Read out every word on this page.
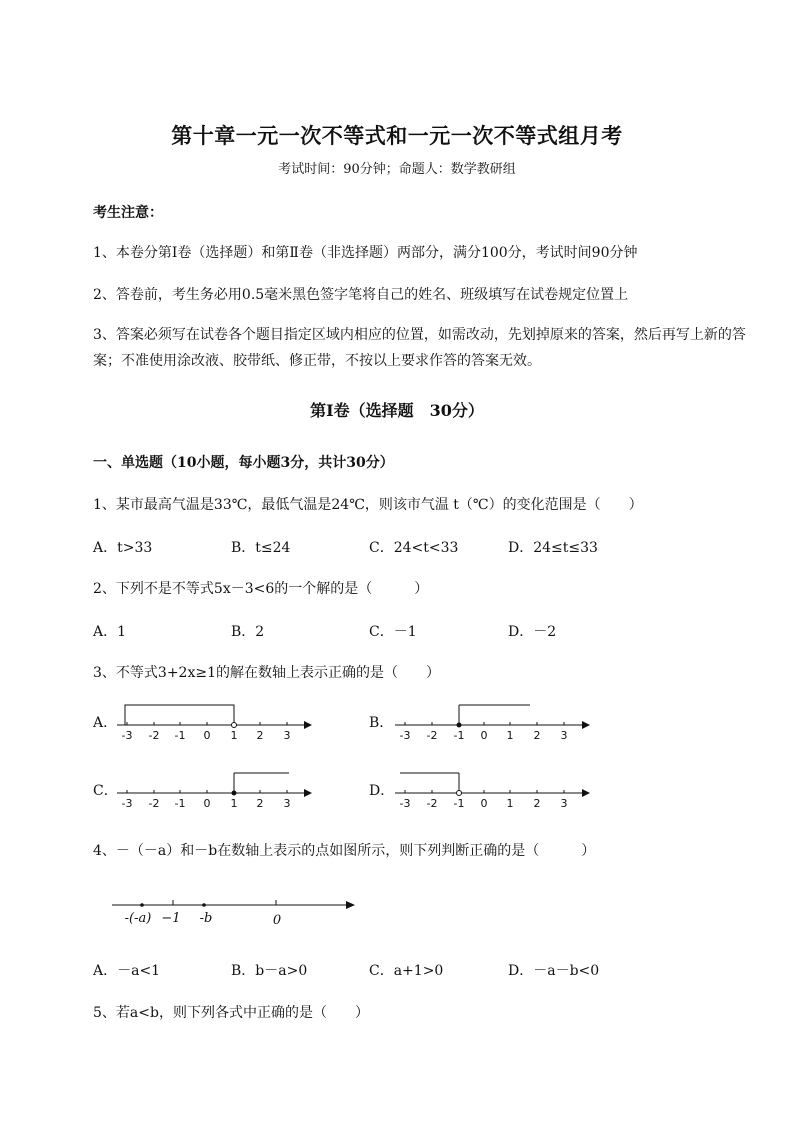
第十章一元一次不等式和一元一次不等式组月考
考试时间：90分钟；命题人：数学教研组
考生注意：
1、本卷分第I卷（选择题）和第Ⅱ卷（非选择题）两部分，满分100分，考试时间90分钟
2、答卷前，考生务必用0.5毫米黑色签字笔将自己的姓名、班级填写在试卷规定位置上
3、答案必须写在试卷各个题目指定区域内相应的位置，如需改动，先划掉原来的答案，然后再写上新的答案；不准使用涂改液、胶带纸、修正带，不按以上要求作答的答案无效。
第I卷（选择题　30分）
一、单选题（10小题，每小题3分，共计30分）
1、某市最高气温是33℃，最低气温是24℃，则该市气温 t（℃）的变化范围是（　　）
A．t>33	B．t≤24	C．24<t<33	D．24≤t≤33
2、下列不是不等式5x－3<6的一个解的是（　　　）
A．1	B．2	C．－1	D．－2
3、不等式3+2x≥1的解在数轴上表示正确的是（　　）
A．
-3 -2 -1 0 1 2 3
B．
-3 -2 -1 0 1 2 3
C．
-3 -2 -1 0 1 2 3
D．
-3 -2 -1 0 1 2 3
4、－（－a）和－b在数轴上表示的点如图所示，则下列判断正确的是（　　　）
-(-a) −1 -b	0
A．－a<1	B．b－a>0	C．a+1>0	D．－a－b<0
5、若a<b，则下列各式中正确的是（　　）
